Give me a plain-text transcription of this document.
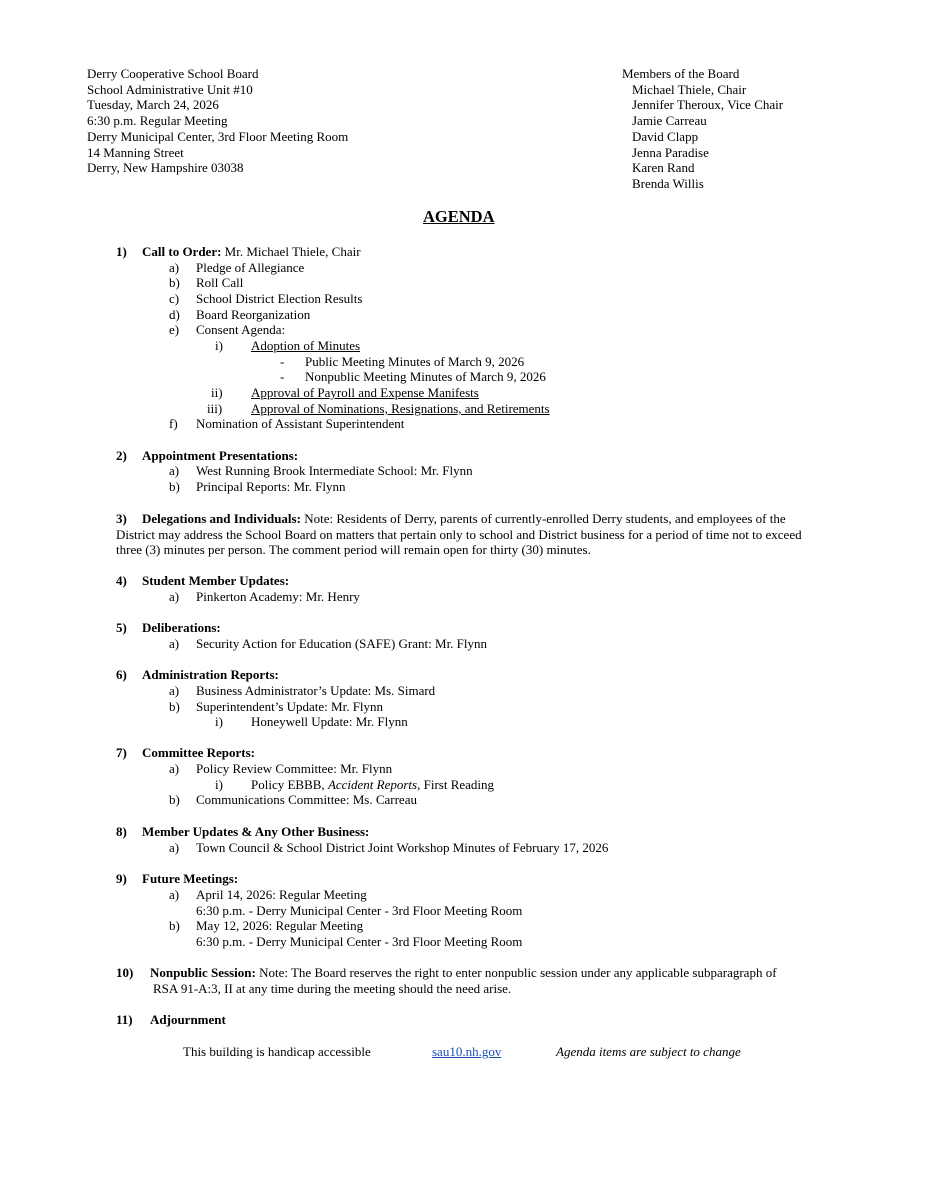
Derry Cooperative School Board
School Administrative Unit #10
Tuesday, March 24, 2026
6:30 p.m. Regular Meeting
Derry Municipal Center, 3rd Floor Meeting Room
14 Manning Street
Derry, New Hampshire 03038
Members of the Board
Michael Thiele, Chair
Jennifer Theroux, Vice Chair
Jamie Carreau
David Clapp
Jenna Paradise
Karen Rand
Brenda Willis
AGENDA
1) Call to Order: Mr. Michael Thiele, Chair
a) Pledge of Allegiance
b) Roll Call
c) School District Election Results
d) Board Reorganization
e) Consent Agenda:
i) Adoption of Minutes
- Public Meeting Minutes of March 9, 2026
- Nonpublic Meeting Minutes of March 9, 2026
ii) Approval of Payroll and Expense Manifests
iii) Approval of Nominations, Resignations, and Retirements
f) Nomination of Assistant Superintendent
2) Appointment Presentations:
a) West Running Brook Intermediate School: Mr. Flynn
b) Principal Reports: Mr. Flynn
3) Delegations and Individuals: Note: Residents of Derry, parents of currently-enrolled Derry students, and employees of the
District may address the School Board on matters that pertain only to school and District business for a period of time not to exceed
three (3) minutes per person. The comment period will remain open for thirty (30) minutes.
4) Student Member Updates:
a) Pinkerton Academy: Mr. Henry
5) Deliberations:
a) Security Action for Education (SAFE) Grant: Mr. Flynn
6) Administration Reports:
a) Business Administrator’s Update: Ms. Simard
b) Superintendent’s Update: Mr. Flynn
i) Honeywell Update: Mr. Flynn
7) Committee Reports:
a) Policy Review Committee: Mr. Flynn
i) Policy EBBB, Accident Reports, First Reading
b) Communications Committee: Ms. Carreau
8) Member Updates & Any Other Business:
a) Town Council & School District Joint Workshop Minutes of February 17, 2026
9) Future Meetings:
a) April 14, 2026: Regular Meeting
6:30 p.m. - Derry Municipal Center - 3rd Floor Meeting Room
b) May 12, 2026: Regular Meeting
6:30 p.m. - Derry Municipal Center - 3rd Floor Meeting Room
10) Nonpublic Session: Note: The Board reserves the right to enter nonpublic session under any applicable subparagraph of
RSA 91-A:3, II at any time during the meeting should the need arise.
11) Adjournment
This building is handicap accessible	sau10.nh.gov	Agenda items are subject to change
